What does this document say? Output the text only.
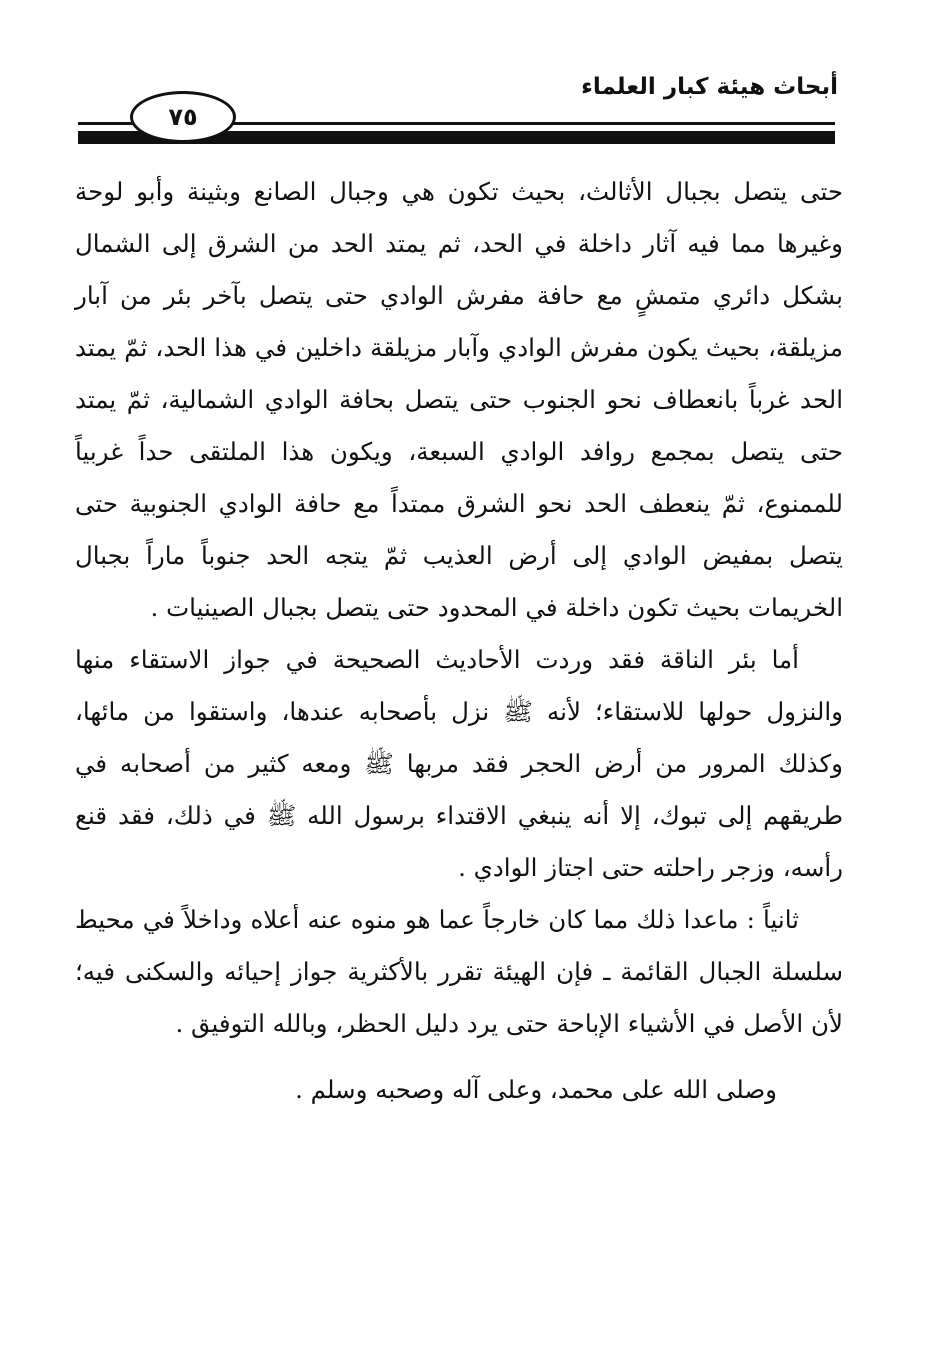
أبحاث هيئة كبار العلماء
٧٥

حتى يتصل بجبال الأثالث، بحيث تكون هي وجبال الصانع وبثينة وأبو لوحة وغيرها مما فيه آثار داخلة في الحد، ثم يمتد الحد من الشرق إلى الشمال بشكل دائري متمشٍ مع حافة مفرش الوادي حتى يتصل بآخر بئر من آبار مزيلقة، بحيث يكون مفرش الوادي وآبار مزيلقة داخلين في هذا الحد، ثمّ يمتد الحد غرباً بانعطاف نحو الجنوب حتى يتصل بحافة الوادي الشمالية، ثمّ يمتد حتى يتصل بمجمع روافد الوادي السبعة، ويكون هذا الملتقى حداً غربياً للممنوع، ثمّ ينعطف الحد نحو الشرق ممتداً مع حافة الوادي الجنوبية حتى يتصل بمفيض الوادي إلى أرض العذيب ثمّ يتجه الحد جنوباً ماراً بجبال الخريمات بحيث تكون داخلة في المحدود حتى يتصل بجبال الصينيات .

أما بئر الناقة فقد وردت الأحاديث الصحيحة في جواز الاستقاء منها والنزول حولها للاستقاء؛ لأنه ﷺ نزل بأصحابه عندها، واستقوا من مائها، وكذلك المرور من أرض الحجر فقد مربها ﷺ ومعه كثير من أصحابه في طريقهم إلى تبوك، إلا أنه ينبغي الاقتداء برسول الله ﷺ في ذلك، فقد قنع رأسه، وزجر راحلته حتى اجتاز الوادي .

ثانياً : ماعدا ذلك مما كان خارجاً عما هو منوه عنه أعلاه وداخلاً في محيط سلسلة الجبال القائمة ـ فإن الهيئة تقرر بالأكثرية جواز إحيائه والسكنى فيه؛ لأن الأصل في الأشياء الإباحة حتى يرد دليل الحظر، وبالله التوفيق .

وصلى الله على محمد، وعلى آله وصحبه وسلم .
